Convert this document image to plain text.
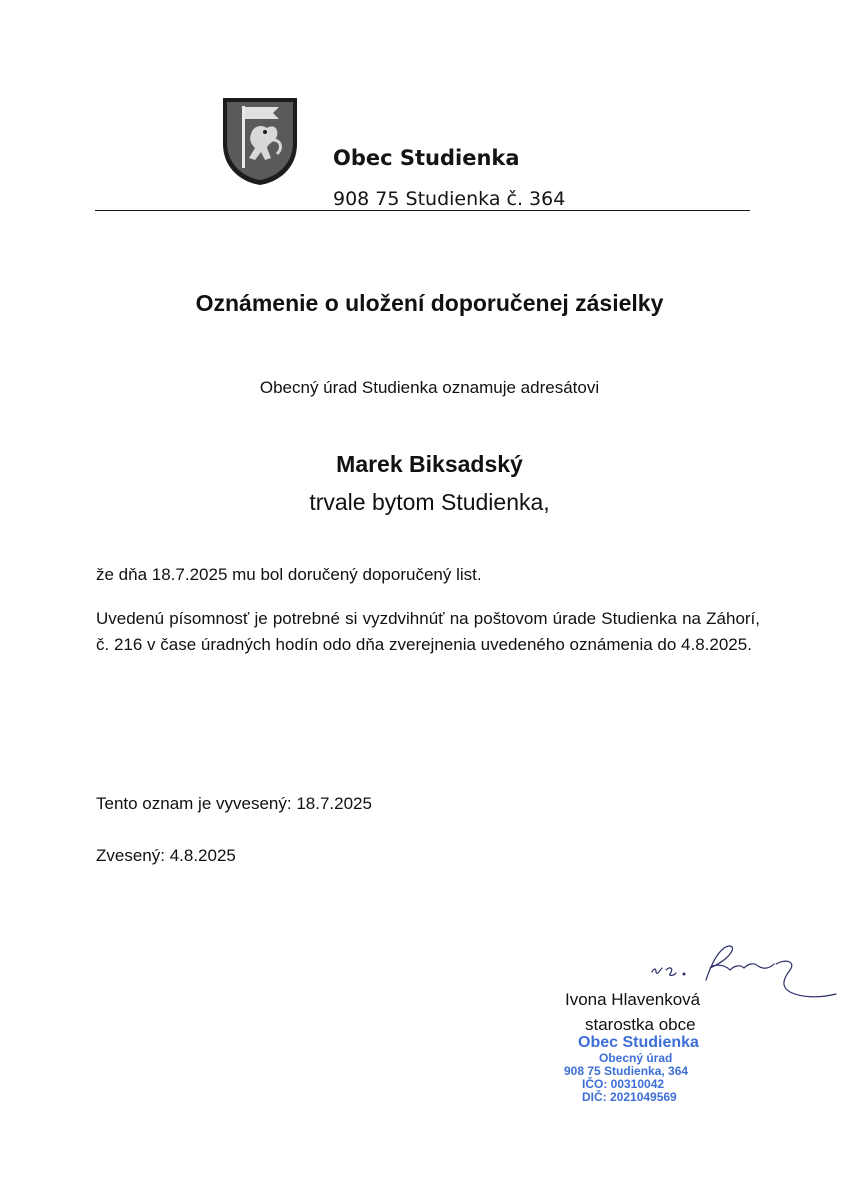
Obec Studienka
908 75 Studienka č. 364
Oznámenie o uložení doporučenej zásielky
Obecný úrad Studienka oznamuje adresátovi
Marek Biksadský
trvale bytom Studienka,
že dňa 18.7.2025 mu bol doručený doporučený list.
Uvedenú písomnosť je potrebné si vyzdvihnúť na poštovom úrade Studienka na Záhorí, č. 216 v čase úradných hodín odo dňa zverejnenia uvedeného oznámenia do 4.8.2025.
Tento oznam je vyvesený: 18.7.2025
Zvesený: 4.8.2025
Ivona Hlavenková
starostka obce
Obec Studienka
Obecný úrad
908 75 Studienka, 364
IČO: 00310042
DIČ: 2021049569
